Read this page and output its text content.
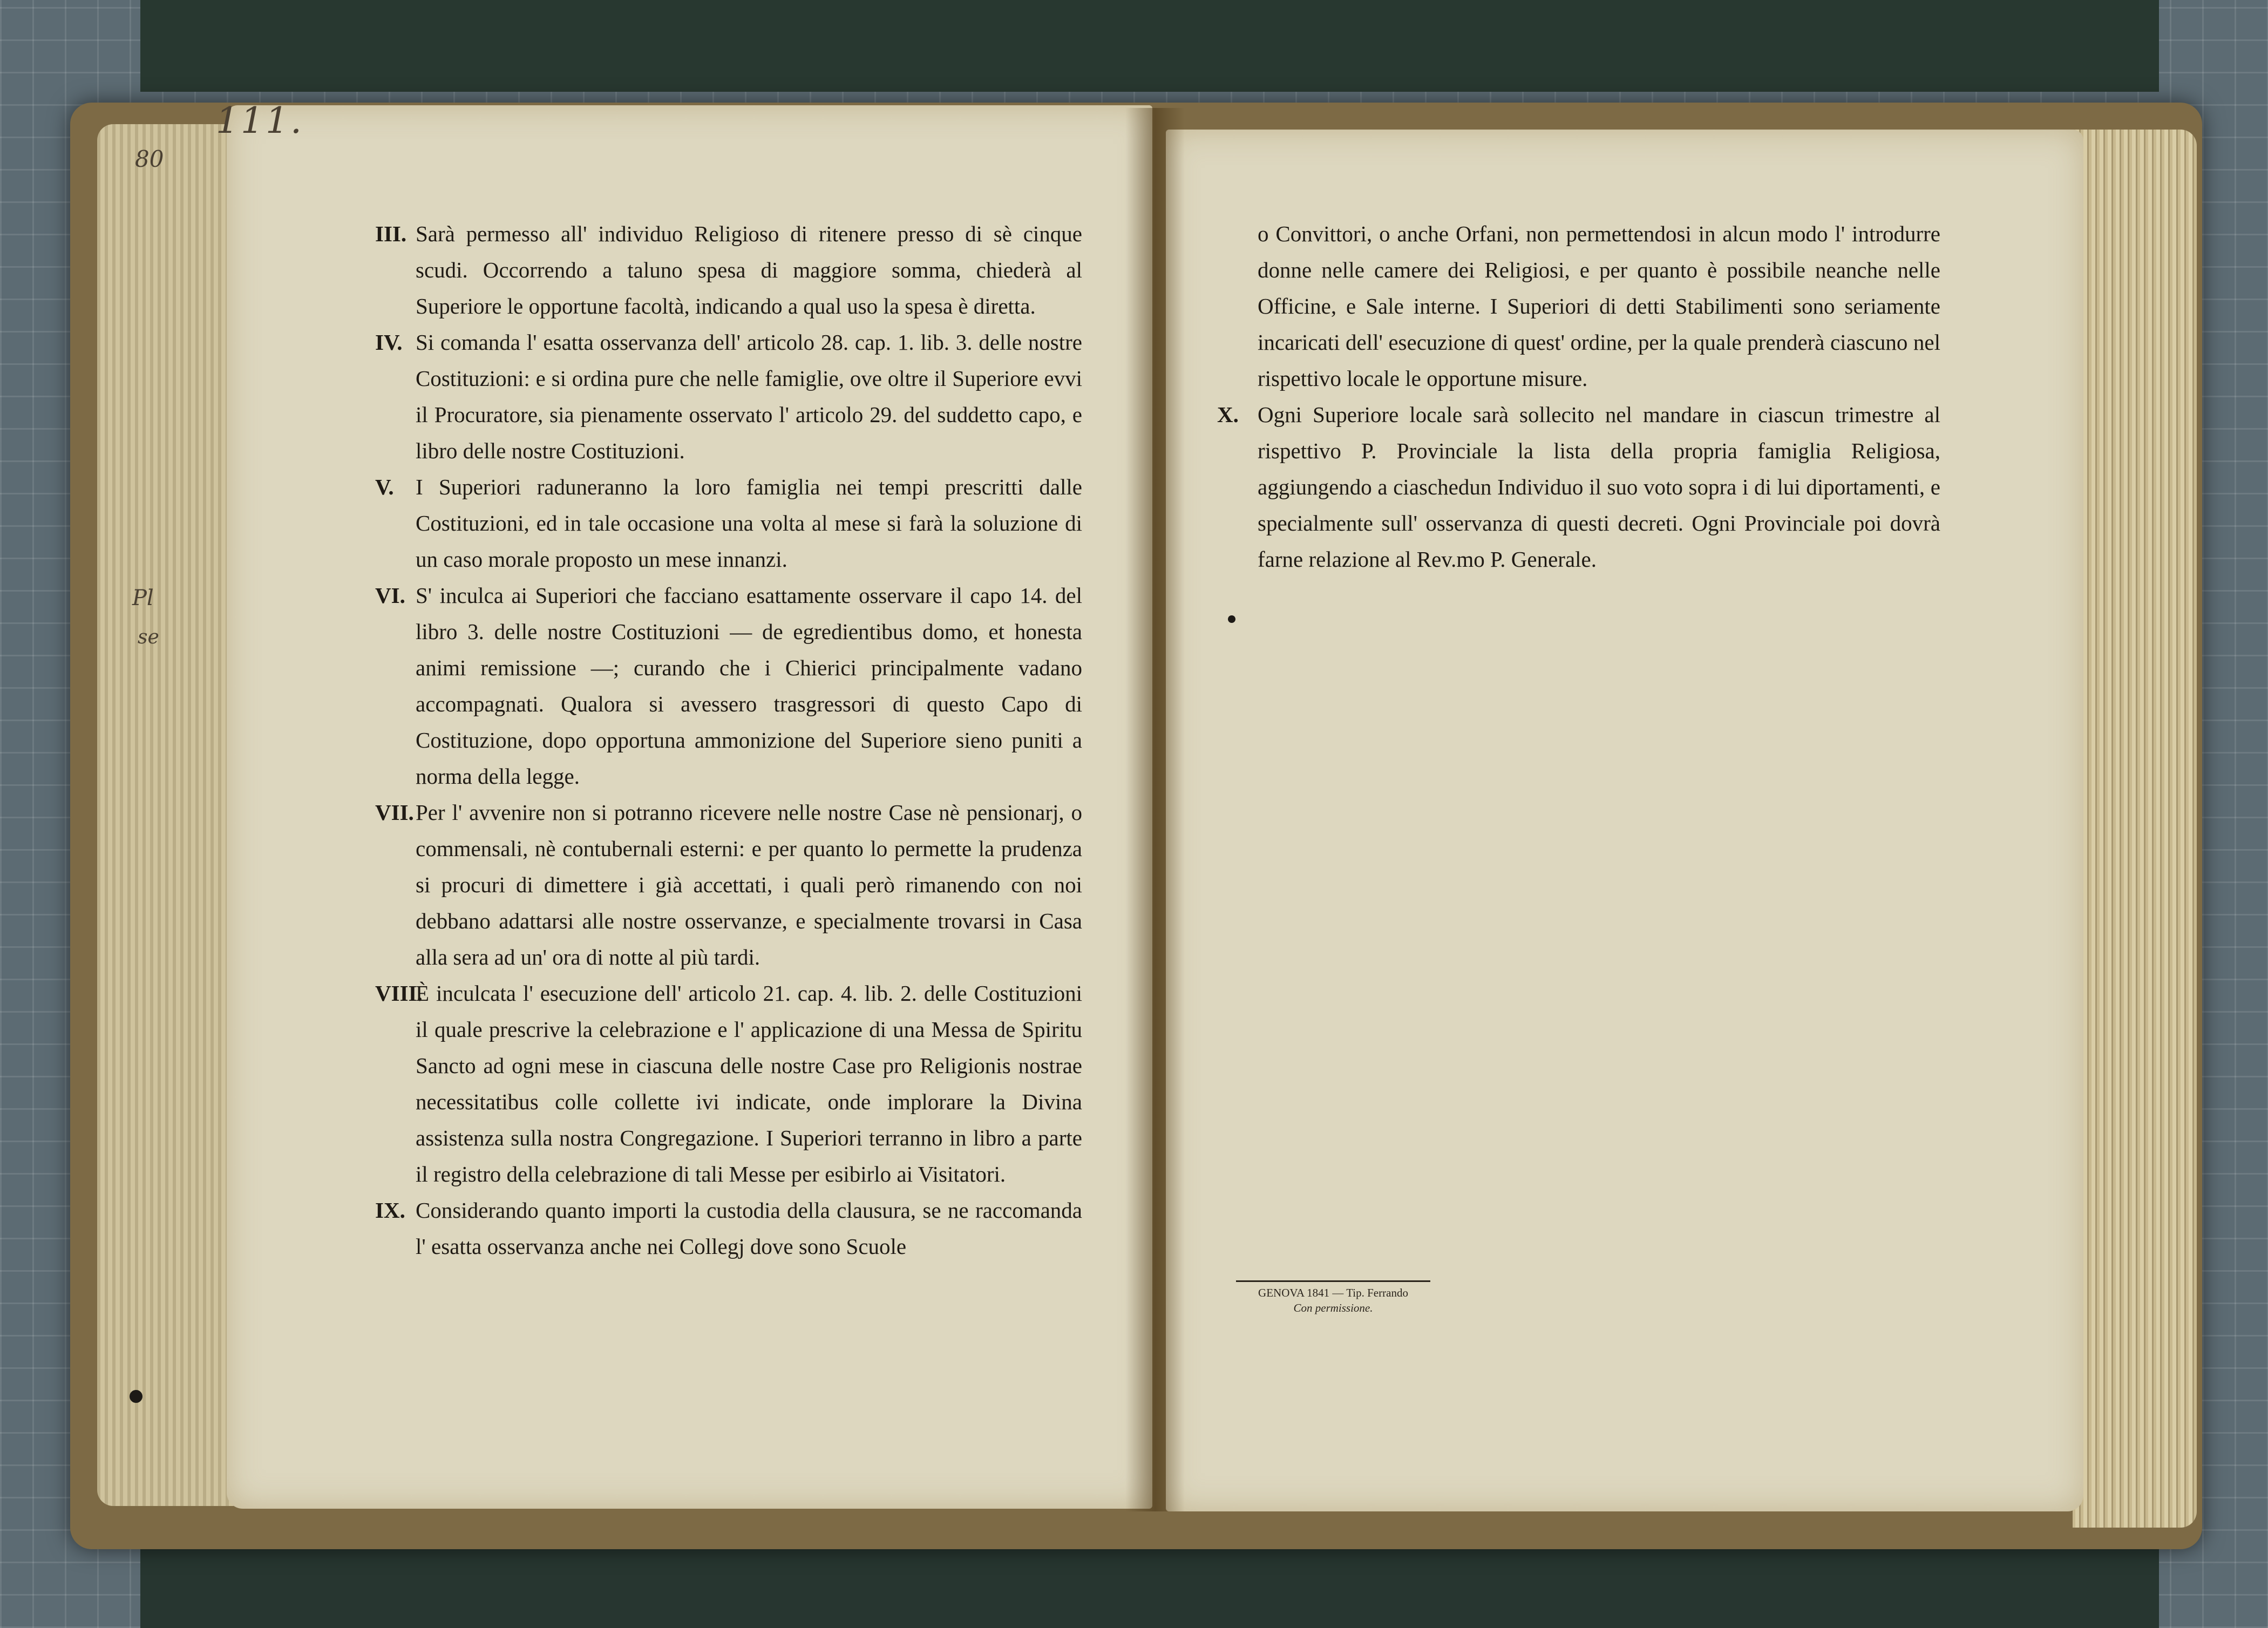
111.
80
Pl
se
III. Sarà permesso all' individuo Religioso di ritenere presso di sè cinque scudi. Occorrendo a taluno spesa di maggiore somma, chiederà al Superiore le opportune facoltà, indicando a qual uso la spesa è diretta.
IV. Si comanda l' esatta osservanza dell' articolo 28. cap. 1. lib. 3. delle nostre Costituzioni: e si ordina pure che nelle famiglie, ove oltre il Superiore evvi il Procuratore, sia pienamente osservato l' articolo 29. del suddetto capo, e libro delle nostre Costituzioni.
V. I Superiori raduneranno la loro famiglia nei tempi prescritti dalle Costituzioni, ed in tale occasione una volta al mese si farà la soluzione di un caso morale proposto un mese innanzi.
VI. S' inculca ai Superiori che facciano esattamente osservare il capo 14. del libro 3. delle nostre Costituzioni — de egredientibus domo, et honesta animi remissione —; curando che i Chierici principalmente vadano accompagnati. Qualora si avessero trasgressori di questo Capo di Costituzione, dopo opportuna ammonizione del Superiore sieno puniti a norma della legge.
VII. Per l' avvenire non si potranno ricevere nelle nostre Case nè pensionarj, o commensali, nè contubernali esterni: e per quanto lo permette la prudenza si procuri di dimettere i già accettati, i quali però rimanendo con noi debbano adattarsi alle nostre osservanze, e specialmente trovarsi in Casa alla sera ad un' ora di notte al più tardi.
VIII.
È inculcata l' esecuzione dell' articolo 21. cap. 4. lib. 2. delle Costituzioni il quale prescrive la celebrazione e l' applicazione di una Messa de Spiritu Sancto ad ogni mese in ciascuna delle nostre Case pro Religionis nostrae necessitatibus colle collette ivi indicate, onde implorare la Divina assistenza sulla nostra Congregazione. I Superiori terranno in libro a parte il registro della celebrazione di tali Messe per esibirlo ai Visitatori.
IX. Considerando quanto importi la custodia della clausura, se ne raccomanda l' esatta osservanza anche nei Collegj dove sono Scuole
o Convittori, o anche Orfani, non permettendosi in alcun modo l' introdurre donne nelle camere dei Religiosi, e per quanto è possibile neanche nelle Officine, e Sale interne. I Superiori di detti Stabilimenti sono seriamente incaricati dell' esecuzione di quest' ordine, per la quale prenderà ciascuno nel rispettivo locale le opportune misure.
X. Ogni Superiore locale sarà sollecito nel mandare in ciascun trimestre al rispettivo P. Provinciale la lista della propria famiglia Religiosa, aggiungendo a ciaschedun Individuo il suo voto sopra i di lui diportamenti, e specialmente sull' osservanza di questi decreti. Ogni Provinciale poi dovrà farne relazione al Rev.mo P. Generale.
GENOVA 1841 — Tip. Ferrando
Con permissione.
